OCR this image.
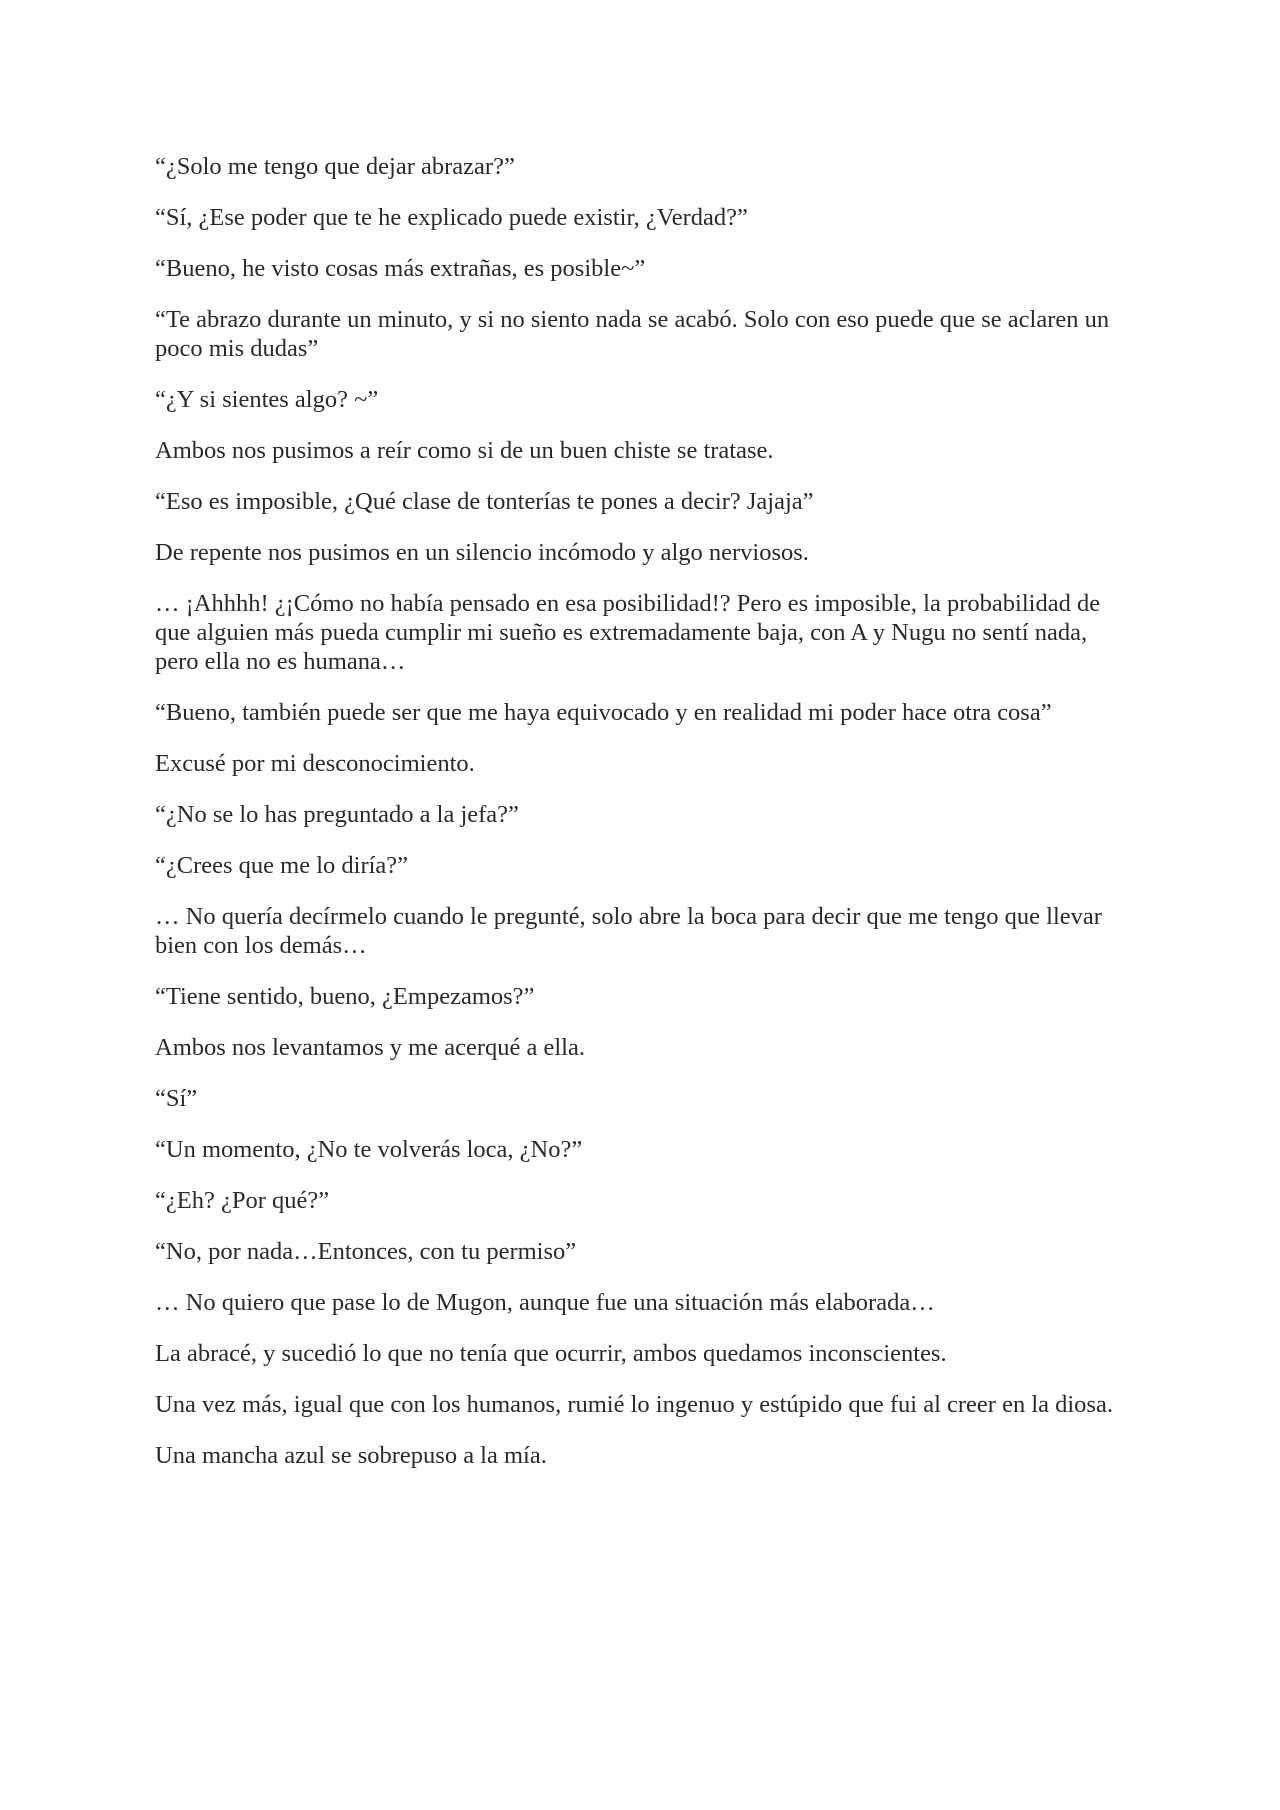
“¿Solo me tengo que dejar abrazar?”

“Sí, ¿Ese poder que te he explicado puede existir, ¿Verdad?”

“Bueno, he visto cosas más extrañas, es posible~”

“Te abrazo durante un minuto, y si no siento nada se acabó. Solo con eso puede que se aclaren un poco mis dudas”

“¿Y si sientes algo? ~”

Ambos nos pusimos a reír como si de un buen chiste se tratase.

“Eso es imposible, ¿Qué clase de tonterías te pones a decir? Jajaja”

De repente nos pusimos en un silencio incómodo y algo nerviosos.

… ¡Ahhhh! ¿¡Cómo no había pensado en esa posibilidad!? Pero es imposible, la probabilidad de que alguien más pueda cumplir mi sueño es extremadamente baja, con A y Nugu no sentí nada, pero ella no es humana…

“Bueno, también puede ser que me haya equivocado y en realidad mi poder hace otra cosa”

Excusé por mi desconocimiento.

“¿No se lo has preguntado a la jefa?”

“¿Crees que me lo diría?”

… No quería decírmelo cuando le pregunté, solo abre la boca para decir que me tengo que llevar bien con los demás…

“Tiene sentido, bueno, ¿Empezamos?”

Ambos nos levantamos y me acerqué a ella.

“Sí”

“Un momento, ¿No te volverás loca, ¿No?”

“¿Eh? ¿Por qué?”

“No, por nada…Entonces, con tu permiso”

… No quiero que pase lo de Mugon, aunque fue una situación más elaborada…

La abracé, y sucedió lo que no tenía que ocurrir, ambos quedamos inconscientes.

Una vez más, igual que con los humanos, rumié lo ingenuo y estúpido que fui al creer en la diosa.

Una mancha azul se sobrepuso a la mía.
